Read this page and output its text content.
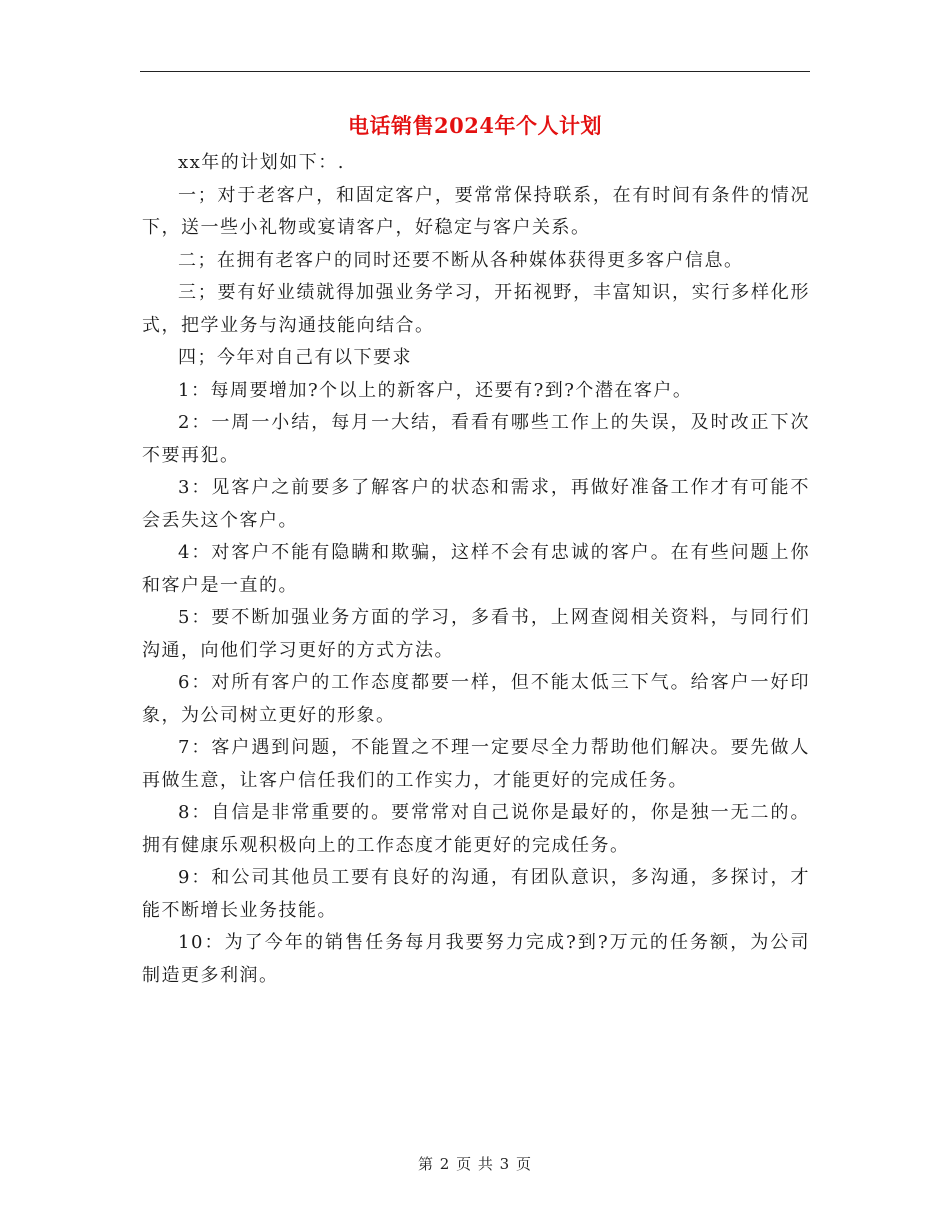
电话销售2024年个人计划

xx年的计划如下：.

一；对于老客户，和固定客户，要常常保持联系，在有时间有条件的情况下，送一些小礼物或宴请客户，好稳定与客户关系。

二；在拥有老客户的同时还要不断从各种媒体获得更多客户信息。

三；要有好业绩就得加强业务学习，开拓视野，丰富知识，实行多样化形式，把学业务与沟通技能向结合。

四；今年对自己有以下要求

1：每周要增加?个以上的新客户，还要有?到?个潜在客户。

2：一周一小结，每月一大结，看看有哪些工作上的失误，及时改正下次不要再犯。

3：见客户之前要多了解客户的状态和需求，再做好准备工作才有可能不会丢失这个客户。

4：对客户不能有隐瞒和欺骗，这样不会有忠诚的客户。在有些问题上你和客户是一直的。

5：要不断加强业务方面的学习，多看书，上网查阅相关资料，与同行们沟通，向他们学习更好的方式方法。

6：对所有客户的工作态度都要一样，但不能太低三下气。给客户一好印象，为公司树立更好的形象。

7：客户遇到问题，不能置之不理一定要尽全力帮助他们解决。要先做人再做生意，让客户信任我们的工作实力，才能更好的完成任务。

8：自信是非常重要的。要常常对自己说你是最好的，你是独一无二的。拥有健康乐观积极向上的工作态度才能更好的完成任务。

9：和公司其他员工要有良好的沟通，有团队意识，多沟通，多探讨，才能不断增长业务技能。

10：为了今年的销售任务每月我要努力完成?到?万元的任务额，为公司制造更多利润。

第 2 页 共 3 页
